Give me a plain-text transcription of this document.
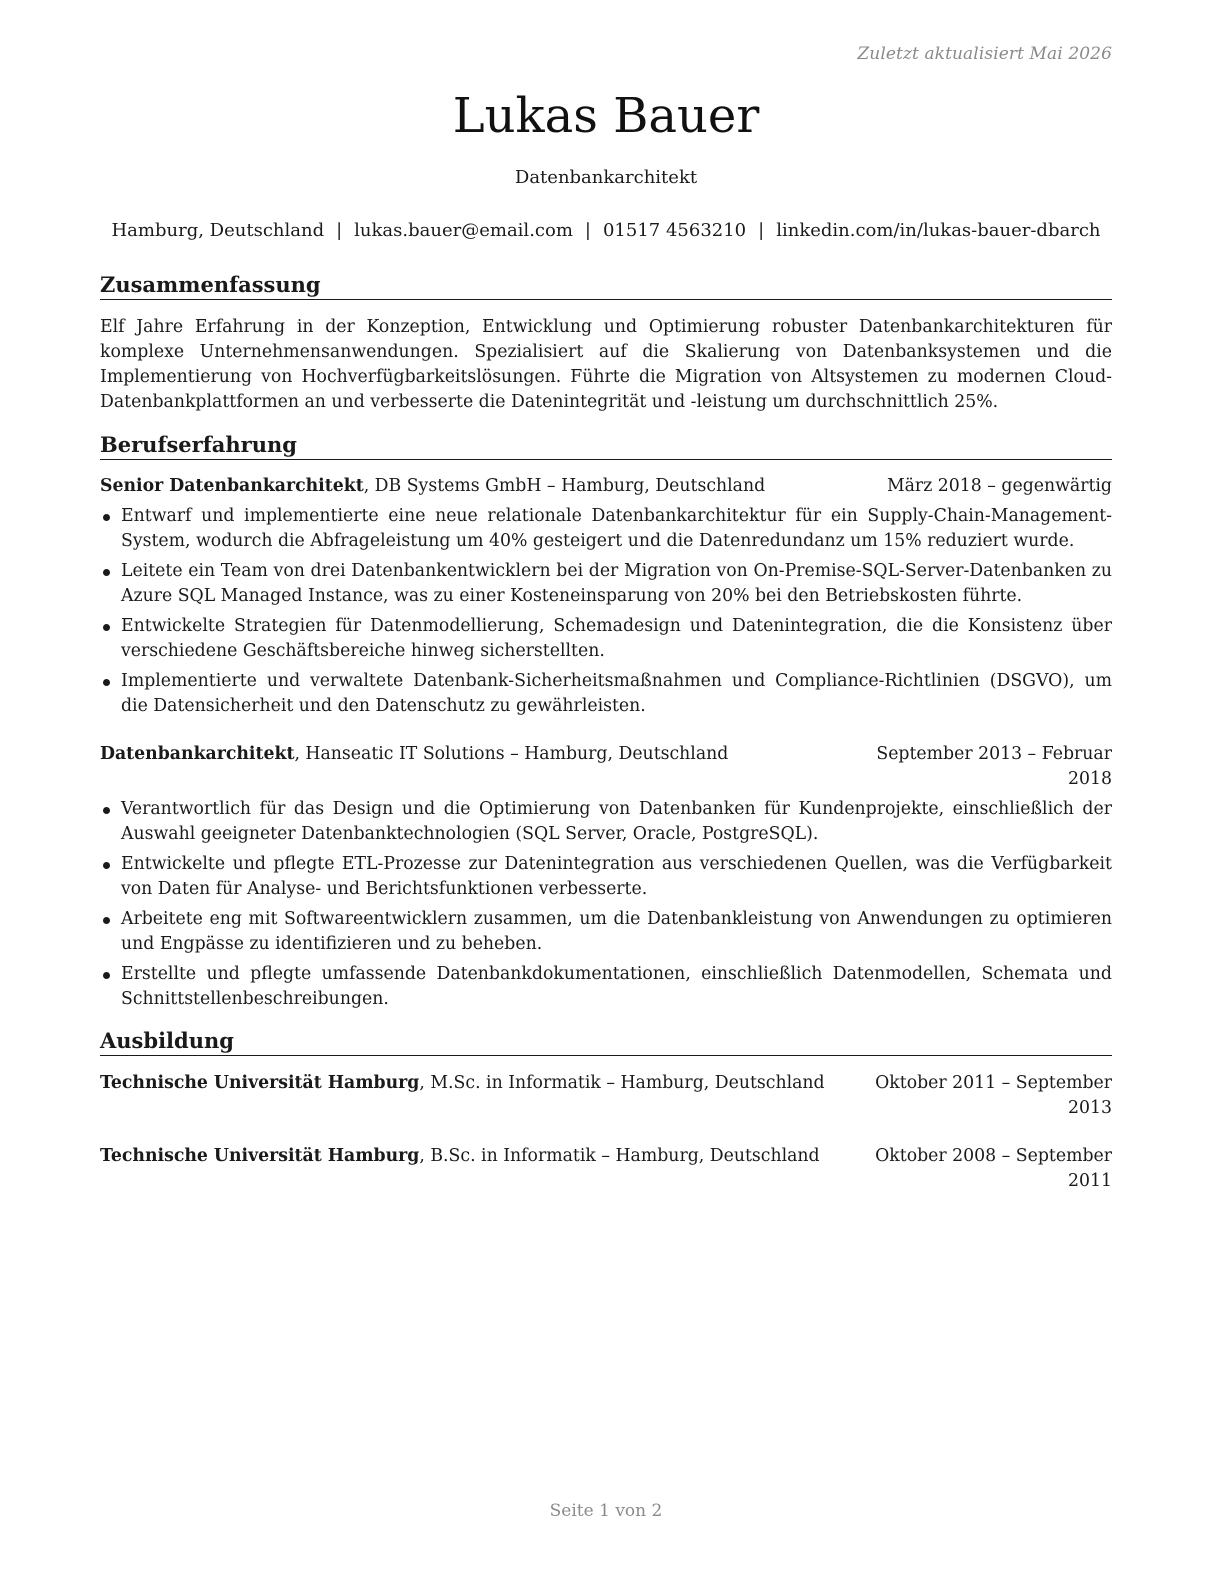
Zuletzt aktualisiert Mai 2026
Lukas Bauer
Datenbankarchitekt
Hamburg, Deutschland | lukas.bauer@email.com | 01517 4563210 | linkedin.com/in/lukas-bauer-dbarch
Zusammenfassung
Elf Jahre Erfahrung in der Konzeption, Entwicklung und Optimierung robuster Datenbankarchitekturen für komplexe Unternehmensanwendungen. Spezialisiert auf die Skalierung von Datenbanksystemen und die Implementierung von Hochverfügbarkeitslösungen. Führte die Migration von Altsystemen zu modernen Cloud-Datenbankplattformen an und verbesserte die Datenintegrität und -leistung um durchschnittlich 25%.
Berufserfahrung
Senior Datenbankarchitekt, DB Systems GmbH – Hamburg, Deutschland	März 2018 – gegenwärtig
Entwarf und implementierte eine neue relationale Datenbankarchitektur für ein Supply-Chain-Management-System, wodurch die Abfrageleistung um 40% gesteigert und die Datenredundanz um 15% reduziert wurde.
Leitete ein Team von drei Datenbankentwicklern bei der Migration von On-Premise-SQL-Server-Datenbanken zu Azure SQL Managed Instance, was zu einer Kosteneinsparung von 20% bei den Betriebskosten führte.
Entwickelte Strategien für Datenmodellierung, Schemadesign und Datenintegration, die die Konsistenz über verschiedene Geschäftsbereiche hinweg sicherstellten.
Implementierte und verwaltete Datenbank-Sicherheitsmaßnahmen und Compliance-Richtlinien (DSGVO), um die Datensicherheit und den Datenschutz zu gewährleisten.
Datenbankarchitekt, Hanseatic IT Solutions – Hamburg, Deutschland	September 2013 – Februar 2018
Verantwortlich für das Design und die Optimierung von Datenbanken für Kundenprojekte, einschließlich der Auswahl geeigneter Datenbanktechnologien (SQL Server, Oracle, PostgreSQL).
Entwickelte und pflegte ETL-Prozesse zur Datenintegration aus verschiedenen Quellen, was die Verfügbarkeit von Daten für Analyse- und Berichtsfunktionen verbesserte.
Arbeitete eng mit Softwareentwicklern zusammen, um die Datenbankleistung von Anwendungen zu optimieren und Engpässe zu identifizieren und zu beheben.
Erstellte und pflegte umfassende Datenbankdokumentationen, einschließlich Datenmodellen, Schemata und Schnittstellenbeschreibungen.
Ausbildung
Technische Universität Hamburg, M.Sc. in Informatik – Hamburg, Deutschland	Oktober 2011 – September 2013
Technische Universität Hamburg, B.Sc. in Informatik – Hamburg, Deutschland	Oktober 2008 – September 2011
Seite 1 von 2
